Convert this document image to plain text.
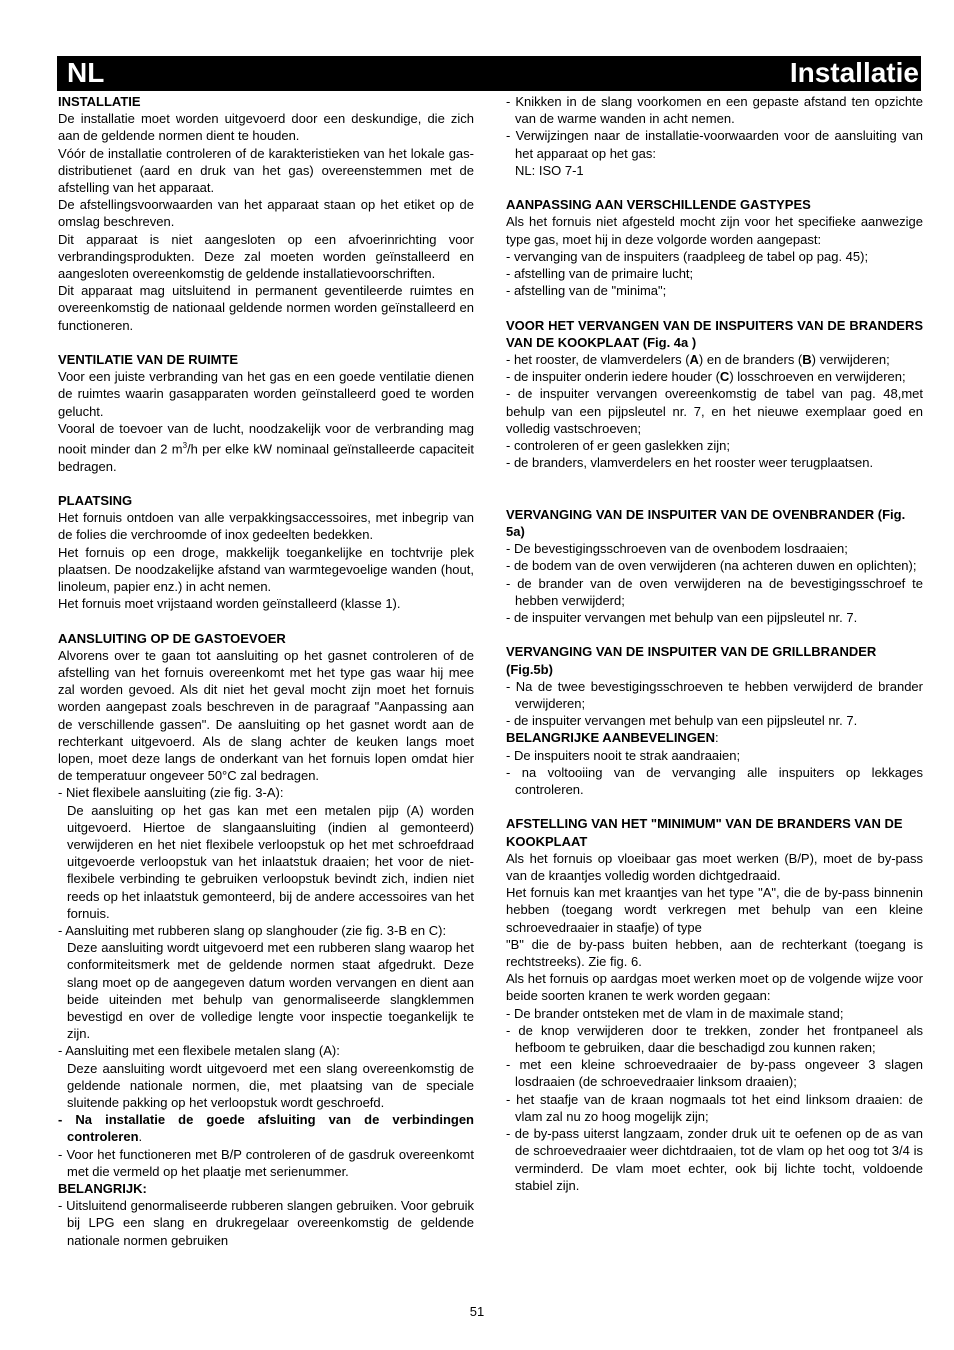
NL	Installatie

INSTALLATIE

De installatie moet worden uitgevoerd door een deskundige, die zich aan de geldende normen dient te houden.

Vóór de installatie controleren of de karakteristieken van het lokale gas-distributienet (aard en druk van het gas) overeenstemmen met de afstelling van het apparaat.

De afstellingsvoorwaarden van het apparaat staan op het etiket op de omslag beschreven.

Dit apparaat is niet aangesloten op een afvoerinrichting voor verbrandingsprodukten. Deze zal moeten worden geïnstalleerd en aangesloten overeenkomstig de geldende installatievoorschriften.

Dit apparaat mag uitsluitend in permanent geventileerde ruimtes en overeenkomstig de nationaal geldende normen worden geïnstalleerd en functioneren.

VENTILATIE VAN DE RUIMTE

Voor een juiste verbranding van het gas en een goede ventilatie dienen de ruimtes waarin gasapparaten worden geïnstalleerd goed te worden gelucht.

Vooral de toevoer van de lucht, noodzakelijk voor de verbranding mag nooit minder dan 2 $m^3/h$ per elke kW nominaal geïnstalleerde capaciteit bedragen.

PLAATSING

Het fornuis ontdoen van alle verpakkingsaccessoires, met inbegrip van de folies die verchroomde of inox gedeelten bedekken.

Het fornuis op een droge, makkelijk toegankelijke en tochtvrije plek plaatsen. De noodzakelijke afstand van warmtegevoelige wanden (hout, linoleum, papier enz.) in acht nemen.

Het fornuis moet vrijstaand worden geïnstalleerd (klasse 1).

AANSLUITING OP DE GASTOEVOER

Alvorens over te gaan tot aansluiting op het gasnet controleren of de afstelling van het fornuis overeenkomt met het type gas waar hij mee zal worden gevoed. Als dit niet het geval mocht zijn moet het fornuis worden aangepast zoals beschreven in de paragraaf "Aanpassing aan de verschillende gassen". De aansluiting op het gasnet wordt aan de rechterkant uitgevoerd. Als de slang achter de keuken langs moet lopen, moet deze langs de onderkant van het fornuis lopen omdat hier de temperatuur ongeveer 50°C zal bedragen.

- Niet flexibele aansluiting (zie fig. 3-A):

De aansluiting op het gas kan met een metalen pijp (A) worden uitgevoerd. Hiertoe de slangaansluiting (indien al gemonteerd) verwijderen en het niet flexibele verloopstuk op het met schroefdraad uitgevoerde verloopstuk van het inlaatstuk draaien; het voor de niet-flexibele verbinding te gebruiken verloopstuk bevindt zich, indien niet reeds op het inlaatstuk gemonteerd, bij de andere accessoires van het fornuis.

- Aansluiting met rubberen slang op slanghouder (zie fig. 3-B en C):

Deze aansluiting wordt uitgevoerd met een rubberen slang waarop het conformiteitsmerk met de geldende normen staat afgedrukt. Deze slang moet op de aangegeven datum worden vervangen en dient aan beide uiteinden met behulp van genormaliseerde slangklemmen bevestigd en over de volledige lengte voor inspectie toegankelijk te zijn.

- Aansluiting met een flexibele metalen slang (A):

Deze aansluiting wordt uitgevoerd met een slang overeenkomstig de geldende nationale normen, die, met plaatsing van de speciale sluitende pakking op het verloopstuk wordt geschroefd.

- Na installatie de goede afsluiting van de verbindingen controleren.

- Voor het functioneren met B/P controleren of de gasdruk overeenkomt met die vermeld op het plaatje met serienummer.

BELANGRIJK:

- Uitsluitend genormaliseerde rubberen slangen gebruiken. Voor gebruik bij LPG een slang en drukregelaar overeenkomstig de geldende nationale normen gebruiken

- Knikken in de slang voorkomen en een gepaste afstand ten opzichte van de warme wanden in acht nemen.

- Verwijzingen naar de installatie-voorwaarden voor de aansluiting van het apparaat op het gas:

NL: ISO 7-1

AANPASSING AAN VERSCHILLENDE GASTYPES

Als het fornuis niet afgesteld mocht zijn voor het specifieke aanwezige type gas, moet hij in deze volgorde worden aangepast:

- vervanging van de inspuiters (raadpleeg de tabel op pag. 45);

- afstelling van de primaire lucht;

- afstelling van de "minima";

VOOR HET VERVANGEN VAN DE INSPUITERS VAN DE BRANDERS VAN DE KOOKPLAAT (Fig. 4a )

- het rooster, de vlamverdelers (A) en de branders (B) verwijderen;

- de inspuiter onderin iedere houder (C) losschroeven en verwijderen;

- de inspuiter vervangen overeenkomstig de tabel van pag. 48,met behulp van een pijpsleutel nr. 7, en het nieuwe exemplaar goed en volledig vastschroeven;

- controleren of er geen gaslekken zijn;

- de branders, vlamverdelers en het rooster weer terugplaatsen.

VERVANGING VAN DE INSPUITER VAN DE OVENBRANDER (Fig. 5a)

- De bevestigingsschroeven van de ovenbodem losdraaien;

- de bodem van de oven verwijderen (na achteren duwen en oplichten);

- de brander van de oven verwijderen na de bevestigingsschroef te hebben verwijderd;

- de inspuiter vervangen met behulp van een pijpsleutel nr. 7.

VERVANGING VAN DE INSPUITER VAN DE GRILLBRANDER (Fig.5b)

- Na de twee bevestigingsschroeven te hebben verwijderd de brander verwijderen;

- de inspuiter vervangen met behulp van een pijpsleutel nr. 7.

BELANGRIJKE AANBEVELINGEN:

- De inspuiters nooit te strak aandraaien;

- na voltooiing van de vervanging alle inspuiters op lekkages controleren.

AFSTELLING VAN HET "MINIMUM" VAN DE BRANDERS VAN DE KOOKPLAAT

Als het fornuis op vloeibaar gas moet werken (B/P), moet de by-pass van de kraantjes volledig worden dichtgedraaid.

Het fornuis kan met kraantjes van het type "A", die de by-pass binnenin hebben (toegang wordt verkregen met behulp van een kleine schroevedraaier in staafje) of type

"B" die de by-pass buiten hebben, aan de rechterkant (toegang is rechtstreeks). Zie fig. 6.

Als het fornuis op aardgas moet werken moet op de volgende wijze voor beide soorten kranen te werk worden gegaan:

- De brander ontsteken met de vlam in de maximale stand;

- de knop verwijderen door te trekken, zonder het frontpaneel als hefboom te gebruiken, daar die beschadigd zou kunnen raken;

- met een kleine schroevedraaier de by-pass ongeveer 3 slagen losdraaien (de schroevedraaier linksom draaien);

- het staafje van de kraan nogmaals tot het eind linksom draaien: de vlam zal nu zo hoog mogelijk zijn;

- de by-pass uiterst langzaam, zonder druk uit te oefenen op de as van de schroevedraaier weer dichtdraaien, tot de vlam op het oog tot 3/4 is verminderd. De vlam moet echter, ook bij lichte tocht, voldoende stabiel zijn.

51
